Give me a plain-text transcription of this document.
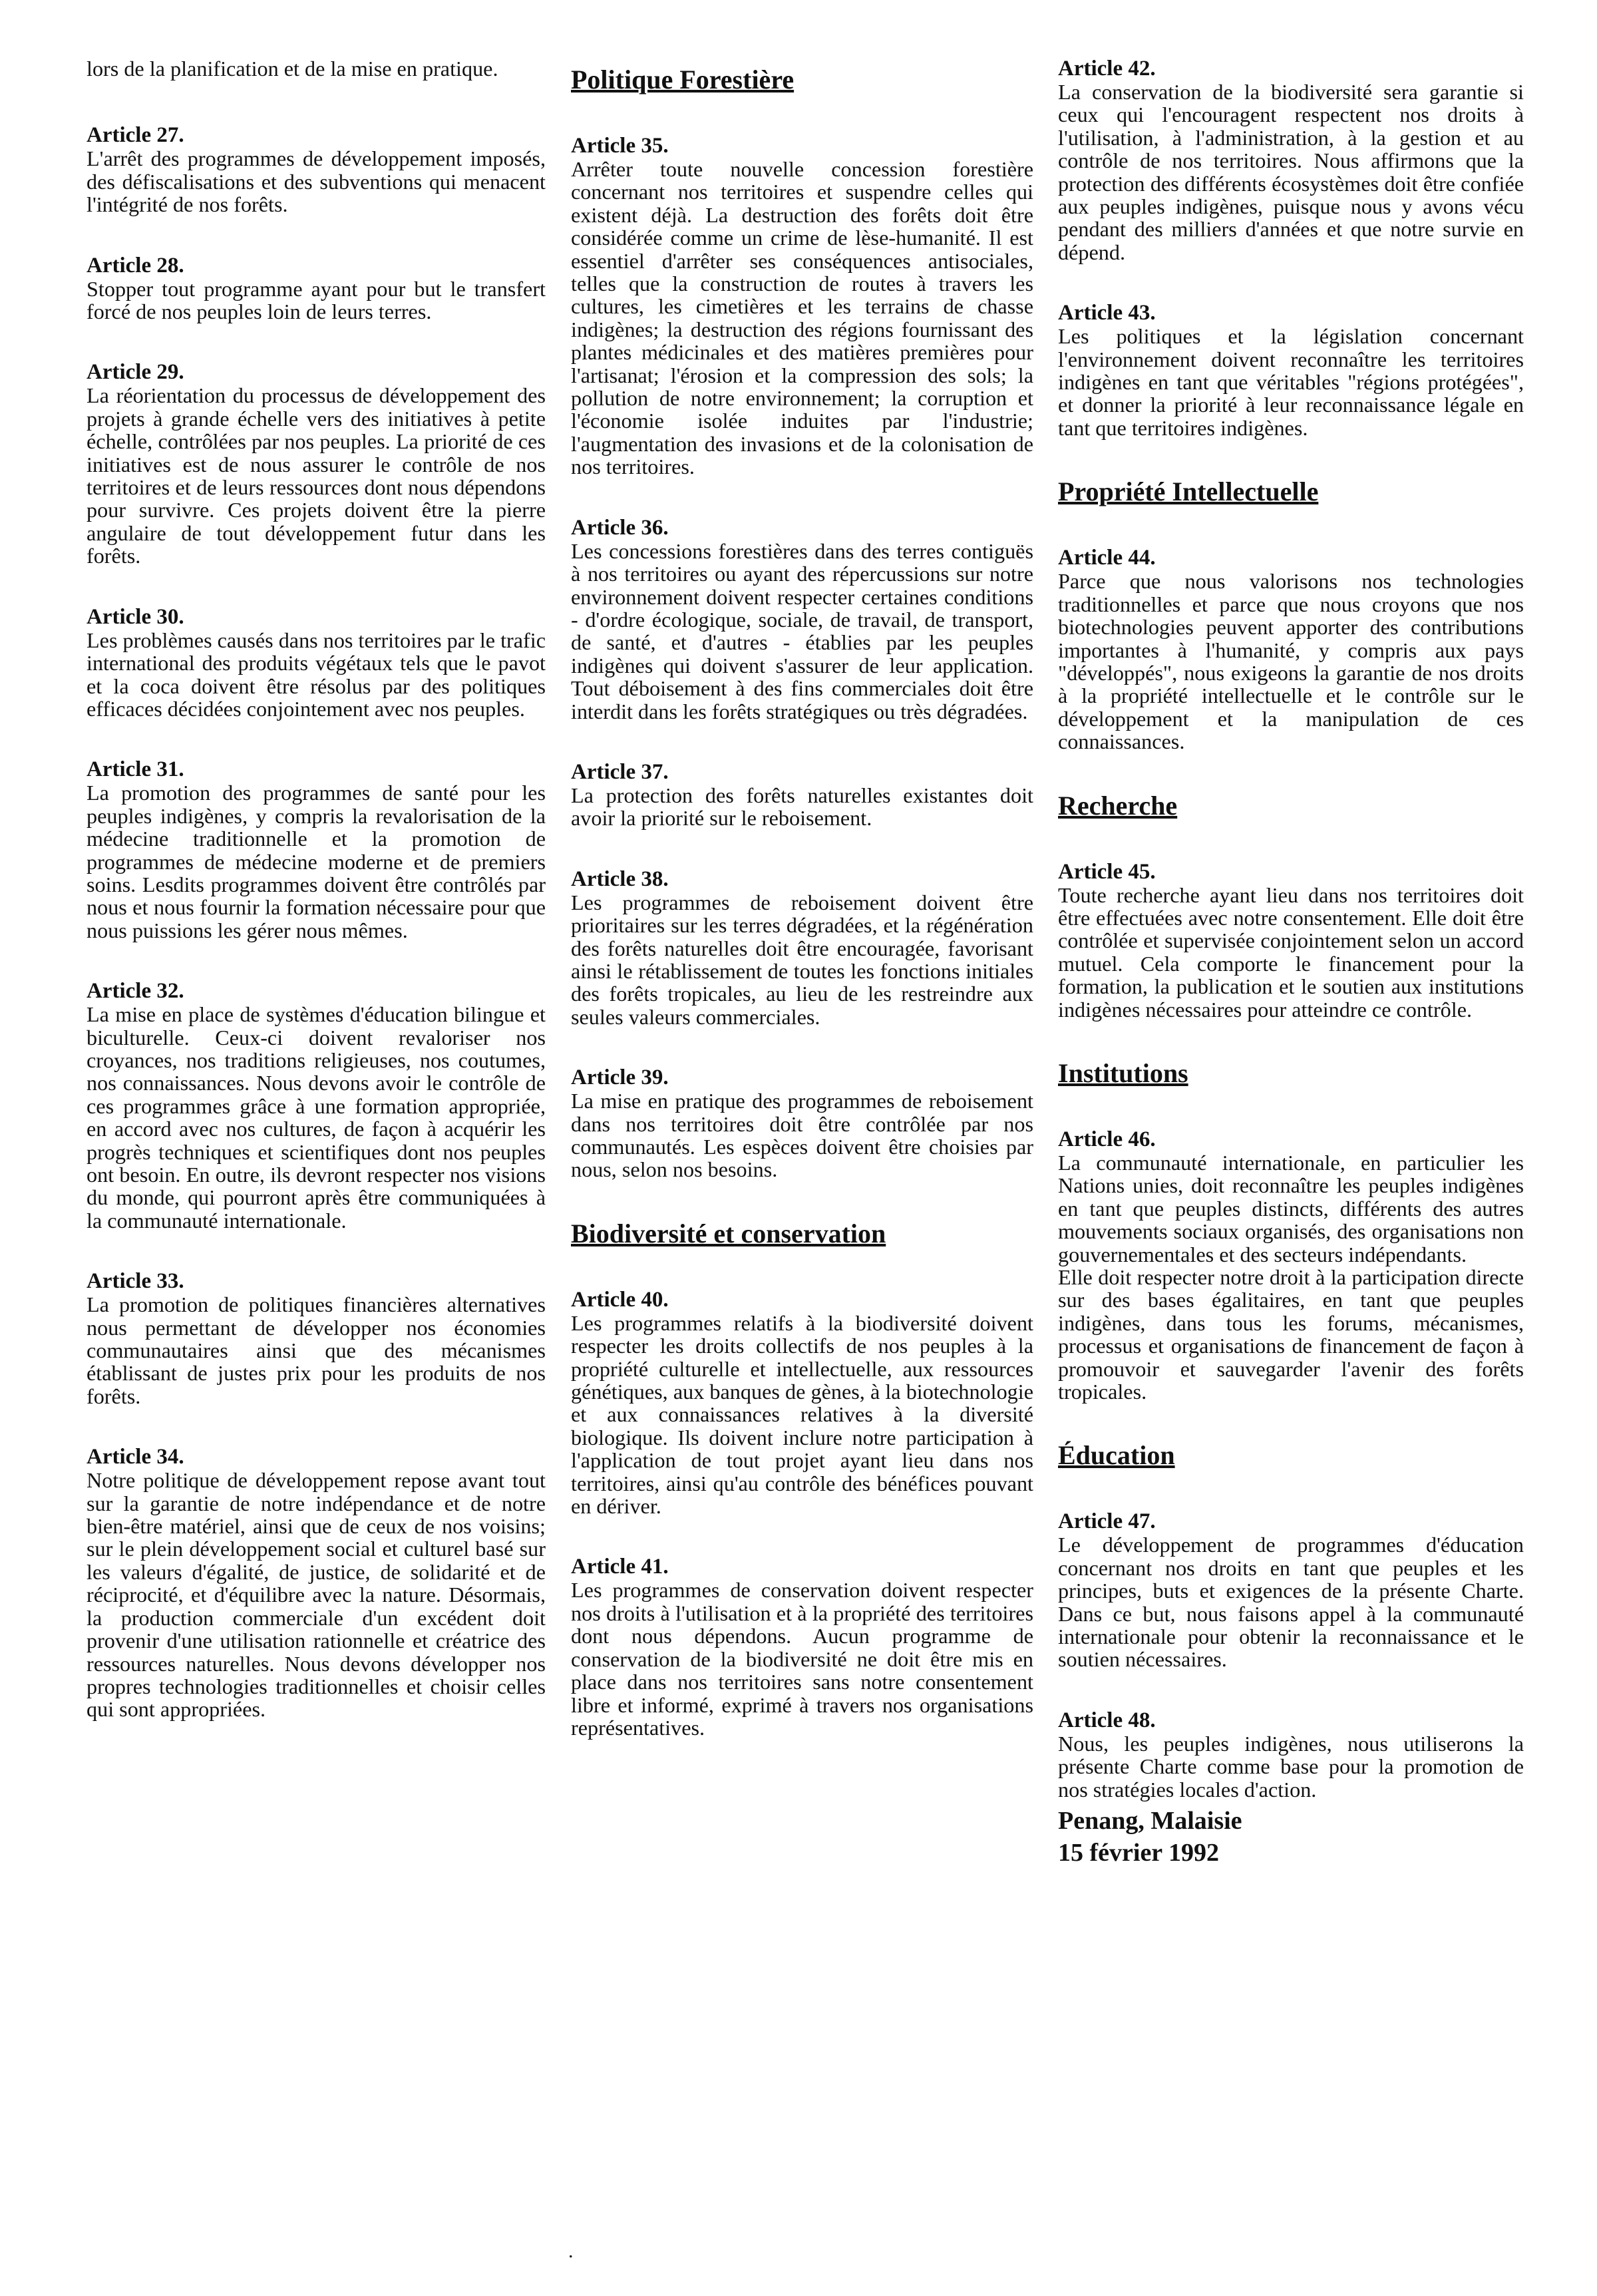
lors de la planification et de la mise en pratique.

Article 27.

L'arrêt des programmes de développement imposés, des défiscalisations et des subventions qui menacent l'intégrité de nos forêts.

Article 28.

Stopper tout programme ayant pour but le transfert forcé de nos peuples loin de leurs terres.

Article 29.

La réorientation du processus de développement des projets à grande échelle vers des initiatives à petite échelle, contrôlées par nos peuples. La priorité de ces initiatives est de nous assurer le contrôle de nos territoires et de leurs ressources dont nous dépendons pour survivre. Ces projets doivent être la pierre angulaire de tout développement futur dans les forêts.

Article 30.

Les problèmes causés dans nos territoires par le trafic international des produits végétaux tels que le pavot et la coca doivent être résolus par des politiques efficaces décidées conjointement avec nos peuples.

Article 31.

La promotion des programmes de santé pour les peuples indigènes, y compris la revalorisation de la médecine traditionnelle et la promotion de programmes de médecine moderne et de premiers soins. Lesdits programmes doivent être contrôlés par nous et nous fournir la formation nécessaire pour que nous puissions les gérer nous mêmes.

Article 32.

La mise en place de systèmes d'éducation bilingue et biculturelle. Ceux-ci doivent revaloriser nos croyances, nos traditions religieuses, nos coutumes, nos connaissances. Nous devons avoir le contrôle de ces programmes grâce à une formation appropriée, en accord avec nos cultures, de façon à acquérir les progrès techniques et scientifiques dont nos peuples ont besoin. En outre, ils devront respecter nos visions du monde, qui pourront après être communiquées à la communauté internationale.

Article 33.

La promotion de politiques financières alternatives nous permettant de développer nos économies communautaires ainsi que des mécanismes établissant de justes prix pour les produits de nos forêts.

Article 34.

Notre politique de développement repose avant tout sur la garantie de notre indépendance et de notre bien-être matériel, ainsi que de ceux de nos voisins; sur le plein développement social et culturel basé sur les valeurs d'égalité, de justice, de solidarité et de réciprocité, et d'équilibre avec la nature. Désormais, la production commerciale d'un excédent doit provenir d'une utilisation rationnelle et créatrice des ressources naturelles. Nous devons développer nos propres technologies traditionnelles et choisir celles qui sont appropriées.

Politique Forestière
Article 35.

Arrêter toute nouvelle concession forestière concernant nos territoires et suspendre celles qui existent déjà. La destruction des forêts doit être considérée comme un crime de lèse-humanité. Il est essentiel d'arrêter ses conséquences antisociales, telles que la construction de routes à travers les cultures, les cimetières et les terrains de chasse indigènes; la destruction des régions fournissant des plantes médicinales et des matières premières pour l'artisanat; l'érosion et la compression des sols; la pollution de notre environnement; la corruption et l'économie isolée induites par l'industrie; l'augmentation des invasions et de la colonisation de nos territoires.

Article 36.

Les concessions forestières dans des terres contiguës à nos territoires ou ayant des répercussions sur notre environnement doivent respecter certaines conditions - d'ordre écologique, sociale, de travail, de transport, de santé, et d'autres - établies par les peuples indigènes qui doivent s'assurer de leur application. Tout déboisement à des fins commerciales doit être interdit dans les forêts stratégiques ou très dégradées.

Article 37.

La protection des forêts naturelles existantes doit avoir la priorité sur le reboisement.

Article 38.

Les programmes de reboisement doivent être prioritaires sur les terres dégradées, et la régénération des forêts naturelles doit être encouragée, favorisant ainsi le rétablissement de toutes les fonctions initiales des forêts tropicales, au lieu de les restreindre aux seules valeurs commerciales.

Article 39.

La mise en pratique des programmes de reboisement dans nos territoires doit être contrôlée par nos communautés. Les espèces doivent être choisies par nous, selon nos besoins.

Biodiversité et conservation
Article 40.

Les programmes relatifs à la biodiversité doivent respecter les droits collectifs de nos peuples à la propriété culturelle et intellectuelle, aux ressources génétiques, aux banques de gènes, à la biotechnologie et aux connaissances relatives à la diversité biologique. Ils doivent inclure notre participation à l'application de tout projet ayant lieu dans nos territoires, ainsi qu'au contrôle des bénéfices pouvant en dériver.

Article 41.

Les programmes de conservation doivent respecter nos droits à l'utilisation et à la propriété des territoires dont nous dépendons. Aucun programme de conservation de la biodiversité ne doit être mis en place dans nos territoires sans notre consentement libre et informé, exprimé à travers nos organisations représentatives.

.
Article 42.

La conservation de la biodiversité sera garantie si ceux qui l'encouragent respectent nos droits à l'utilisation, à l'administration, à la gestion et au contrôle de nos territoires. Nous affirmons que la protection des différents écosystèmes doit être confiée aux peuples indigènes, puisque nous y avons vécu pendant des milliers d'années et que notre survie en dépend.

Article 43.

Les politiques et la législation concernant l'environnement doivent reconnaître les territoires indigènes en tant que véritables "régions protégées", et donner la priorité à leur reconnaissance légale en tant que territoires indigènes.

Propriété Intellectuelle
Article 44.

Parce que nous valorisons nos technologies traditionnelles et parce que nous croyons que nos biotechnologies peuvent apporter des contributions importantes à l'humanité, y compris aux pays "développés", nous exigeons la garantie de nos droits à la propriété intellectuelle et le contrôle sur le développement et la manipulation de ces connaissances.

Recherche
Article 45.

Toute recherche ayant lieu dans nos territoires doit être effectuées avec notre consentement. Elle doit être contrôlée et supervisée conjointement selon un accord mutuel. Cela comporte le financement pour la formation, la publication et le soutien aux institutions indigènes nécessaires pour atteindre ce contrôle.

Institutions
Article 46.

La communauté internationale, en particulier les Nations unies, doit reconnaître les peuples indigènes en tant que peuples distincts, différents des autres mouvements sociaux organisés, des organisations non gouvernementales et des secteurs indépendants.

Elle doit respecter notre droit à la participation directe sur des bases égalitaires, en tant que peuples indigènes, dans tous les forums, mécanismes, processus et organisations de financement de façon à promouvoir et sauvegarder l'avenir des forêts tropicales.

Éducation
Article 47.

Le développement de programmes d'éducation concernant nos droits en tant que peuples et les principes, buts et exigences de la présente Charte. Dans ce but, nous faisons appel à la communauté internationale pour obtenir la reconnaissance et le soutien nécessaires.

Article 48.

Nous, les peuples indigènes, nous utiliserons la présente Charte comme base pour la promotion de nos stratégies locales d'action.

Penang, Malaisie
15 février 1992
